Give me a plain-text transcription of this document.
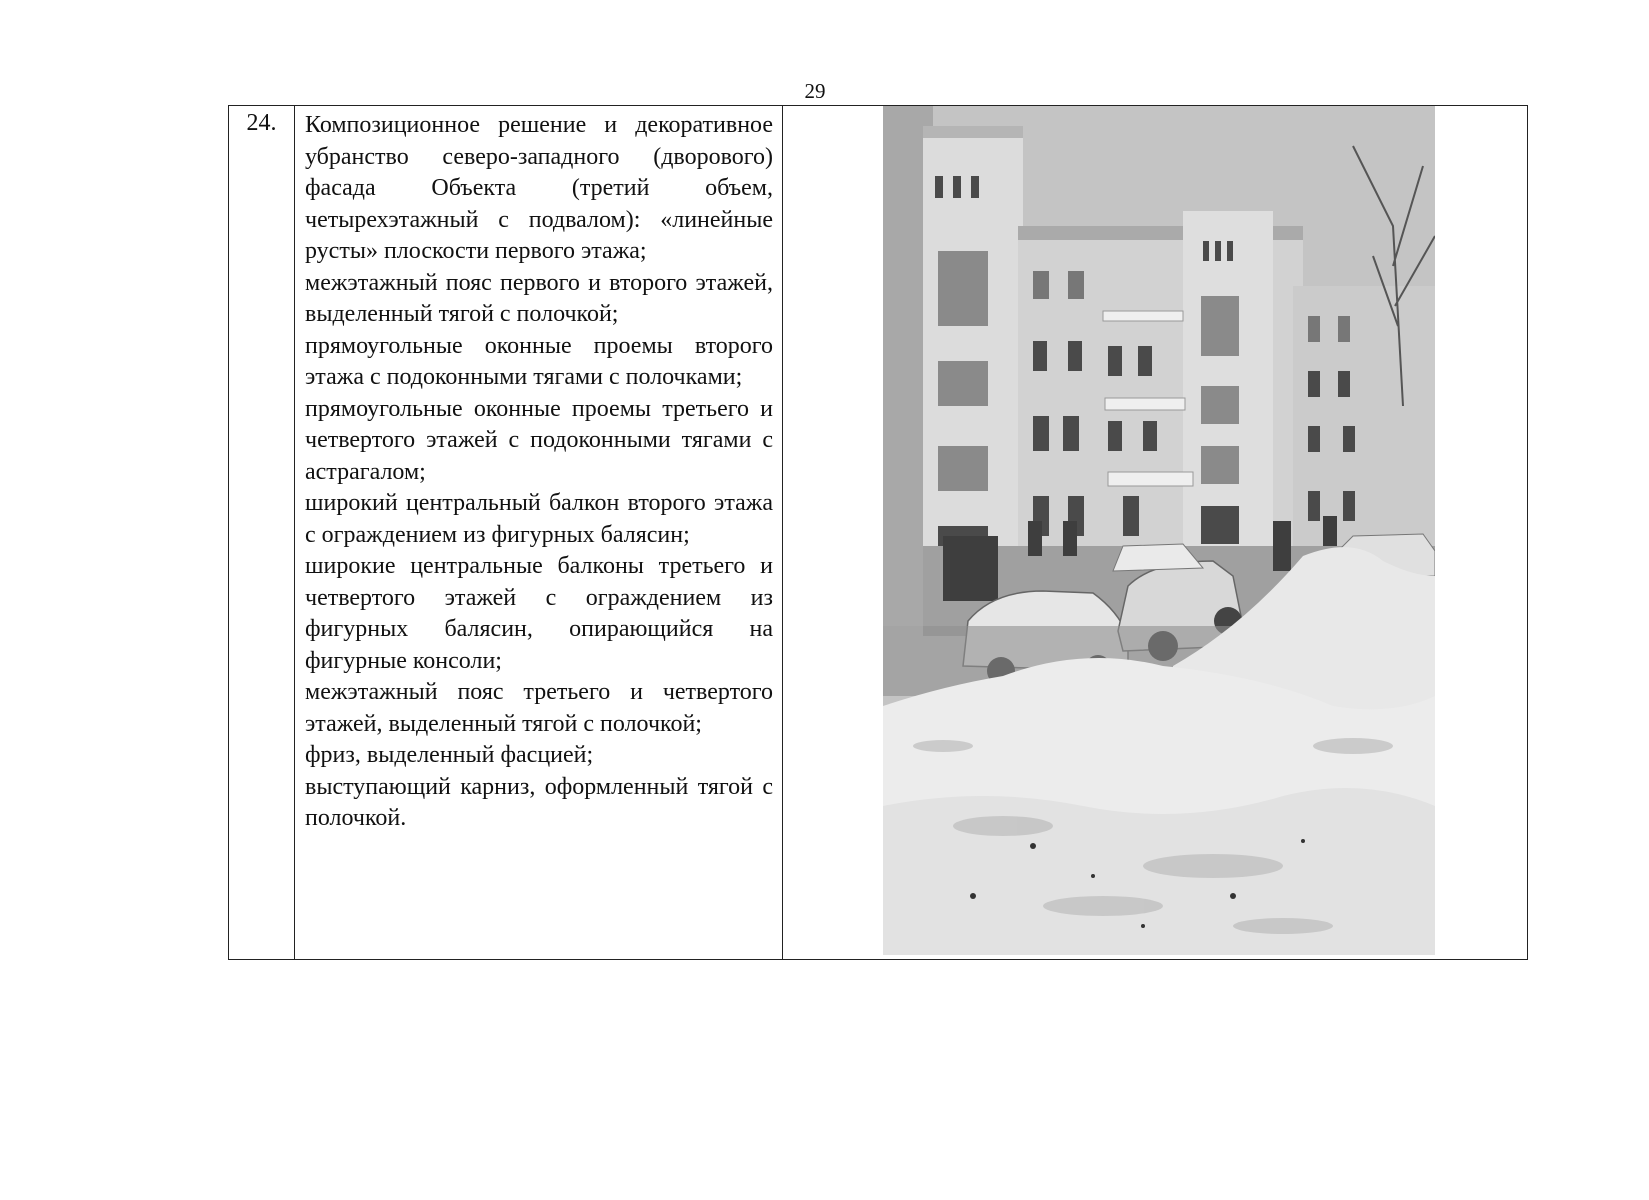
29
24.	Композиционное решение и декоративное убранство северо-западного (дворового) фасада Объекта (третий объем, четырехэтажный с подвалом): «линейные русты» плоскости первого этажа;

межэтажный пояс первого и второго этажей, выделенный тягой с полочкой;

прямоугольные оконные проемы второго этажа с подоконными тягами с полочками;

прямоугольные оконные проемы третьего и четвертого этажей с подоконными тягами с астрагалом;

широкий центральный балкон второго этажа с ограждением из фигурных балясин;

широкие центральные балконы третьего и четвертого этажей с ограждением из фигурных балясин, опирающийся на фигурные консоли;

межэтажный пояс третьего и четвертого этажей, выделенный тягой с полочкой;

фриз, выделенный фасцией;

выступающий карниз, оформленный тягой с полочкой.
